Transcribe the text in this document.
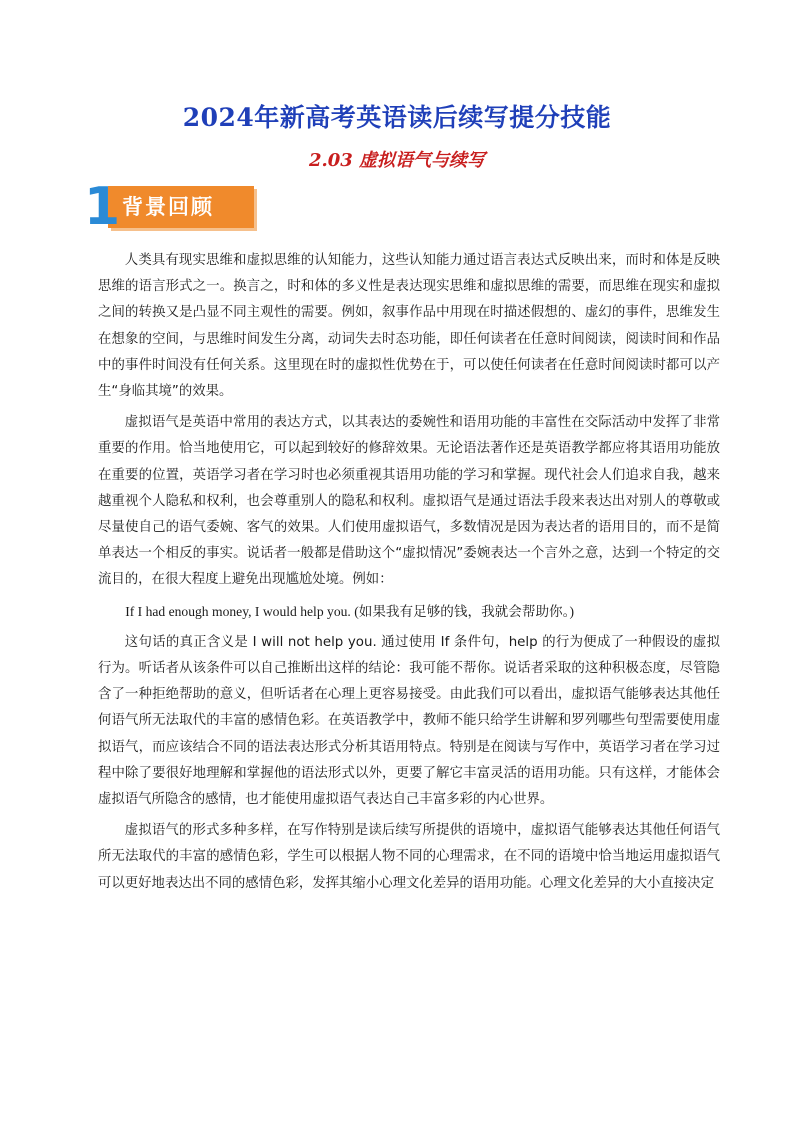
2024年新高考英语读后续写提分技能
2.03 虚拟语气与续写
背景回顾
1

人类具有现实思维和虚拟思维的认知能力，这些认知能力通过语言表达式反映出来，而时和体是反映思维的语言形式之一。换言之，时和体的多义性是表达现实思维和虚拟思维的需要，而思维在现实和虚拟之间的转换又是凸显不同主观性的需要。例如，叙事作品中用现在时描述假想的、虚幻的事件，思维发生在想象的空间，与思维时间发生分离，动词失去时态功能，即任何读者在任意时间阅读，阅读时间和作品中的事件时间没有任何关系。这里现在时的虚拟性优势在于，可以使任何读者在任意时间阅读时都可以产生“身临其境”的效果。

虚拟语气是英语中常用的表达方式，以其表达的委婉性和语用功能的丰富性在交际活动中发挥了非常重要的作用。恰当地使用它，可以起到较好的修辞效果。无论语法著作还是英语教学都应将其语用功能放在重要的位置，英语学习者在学习时也必须重视其语用功能的学习和掌握。现代社会人们追求自我，越来越重视个人隐私和权利，也会尊重别人的隐私和权利。虚拟语气是通过语法手段来表达出对别人的尊敬或尽量使自己的语气委婉、客气的效果。人们使用虚拟语气，多数情况是因为表达者的语用目的，而不是简单表达一个相反的事实。说话者一般都是借助这个“虚拟情况”委婉表达一个言外之意，达到一个特定的交流目的，在很大程度上避免出现尴尬处境。例如：

If I had enough money, I would help you. (如果我有足够的钱，我就会帮助你。)

这句话的真正含义是 I will not help you. 通过使用 If 条件句，help 的行为便成了一种假设的虚拟行为。听话者从该条件可以自己推断出这样的结论：我可能不帮你。说话者采取的这种积极态度，尽管隐含了一种拒绝帮助的意义，但听话者在心理上更容易接受。由此我们可以看出，虚拟语气能够表达其他任何语气所无法取代的丰富的感情色彩。在英语教学中，教师不能只给学生讲解和罗列哪些句型需要使用虚拟语气，而应该结合不同的语法表达形式分析其语用特点。特别是在阅读与写作中，英语学习者在学习过程中除了要很好地理解和掌握他的语法形式以外，更要了解它丰富灵活的语用功能。只有这样，才能体会虚拟语气所隐含的感情，也才能使用虚拟语气表达自己丰富多彩的内心世界。

虚拟语气的形式多种多样，在写作特别是读后续写所提供的语境中，虚拟语气能够表达其他任何语气所无法取代的丰富的感情色彩，学生可以根据人物不同的心理需求，在不同的语境中恰当地运用虚拟语气可以更好地表达出不同的感情色彩，发挥其缩小心理文化差异的语用功能。心理文化差异的大小直接决定
